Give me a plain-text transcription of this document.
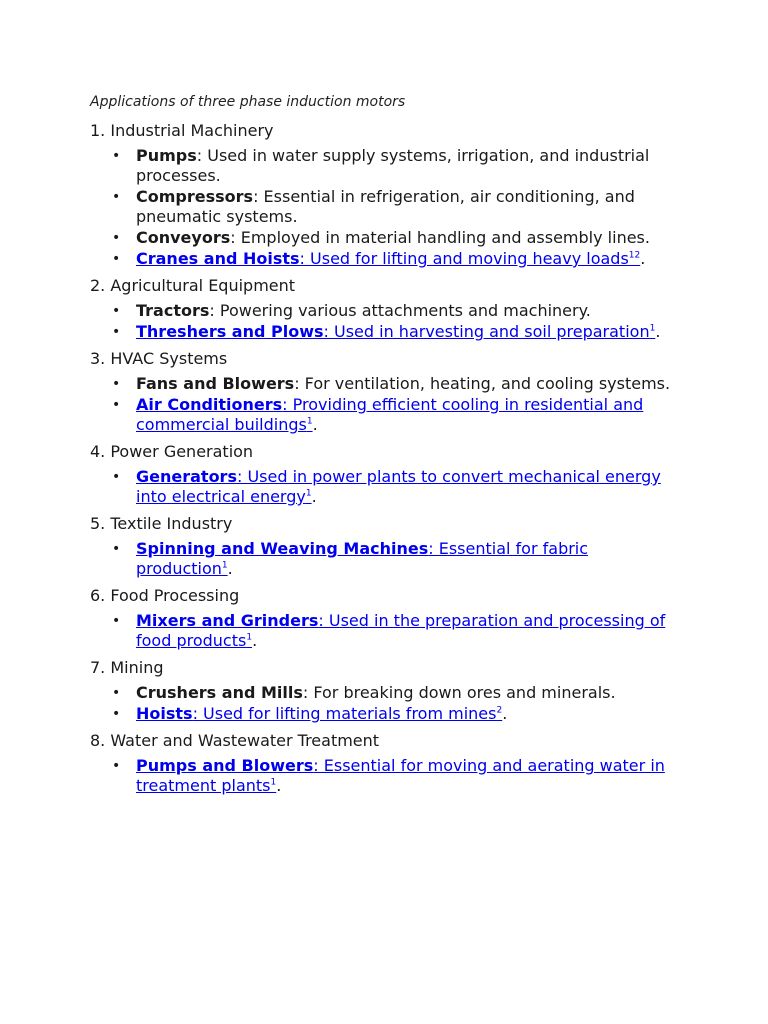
Applications of three phase induction motors

1. Industrial Machinery
• Pumps: Used in water supply systems, irrigation, and industrial processes.
• Compressors: Essential in refrigeration, air conditioning, and pneumatic systems.
• Conveyors: Employed in material handling and assembly lines.
• Cranes and Hoists: Used for lifting and moving heavy loads$^{12}$.
2. Agricultural Equipment
• Tractors: Powering various attachments and machinery.
• Threshers and Plows: Used in harvesting and soil preparation$^1$.
3. HVAC Systems
• Fans and Blowers: For ventilation, heating, and cooling systems.
• Air Conditioners: Providing efficient cooling in residential and commercial buildings$^1$.
4. Power Generation
• Generators: Used in power plants to convert mechanical energy into electrical energy$^1$.
5. Textile Industry
• Spinning and Weaving Machines: Essential for fabric production$^1$.
6. Food Processing
• Mixers and Grinders: Used in the preparation and processing of food products$^1$.
7. Mining
• Crushers and Mills: For breaking down ores and minerals.
• Hoists: Used for lifting materials from mines$^2$.
8. Water and Wastewater Treatment
• Pumps and Blowers: Essential for moving and aerating water in treatment plants$^1$.
